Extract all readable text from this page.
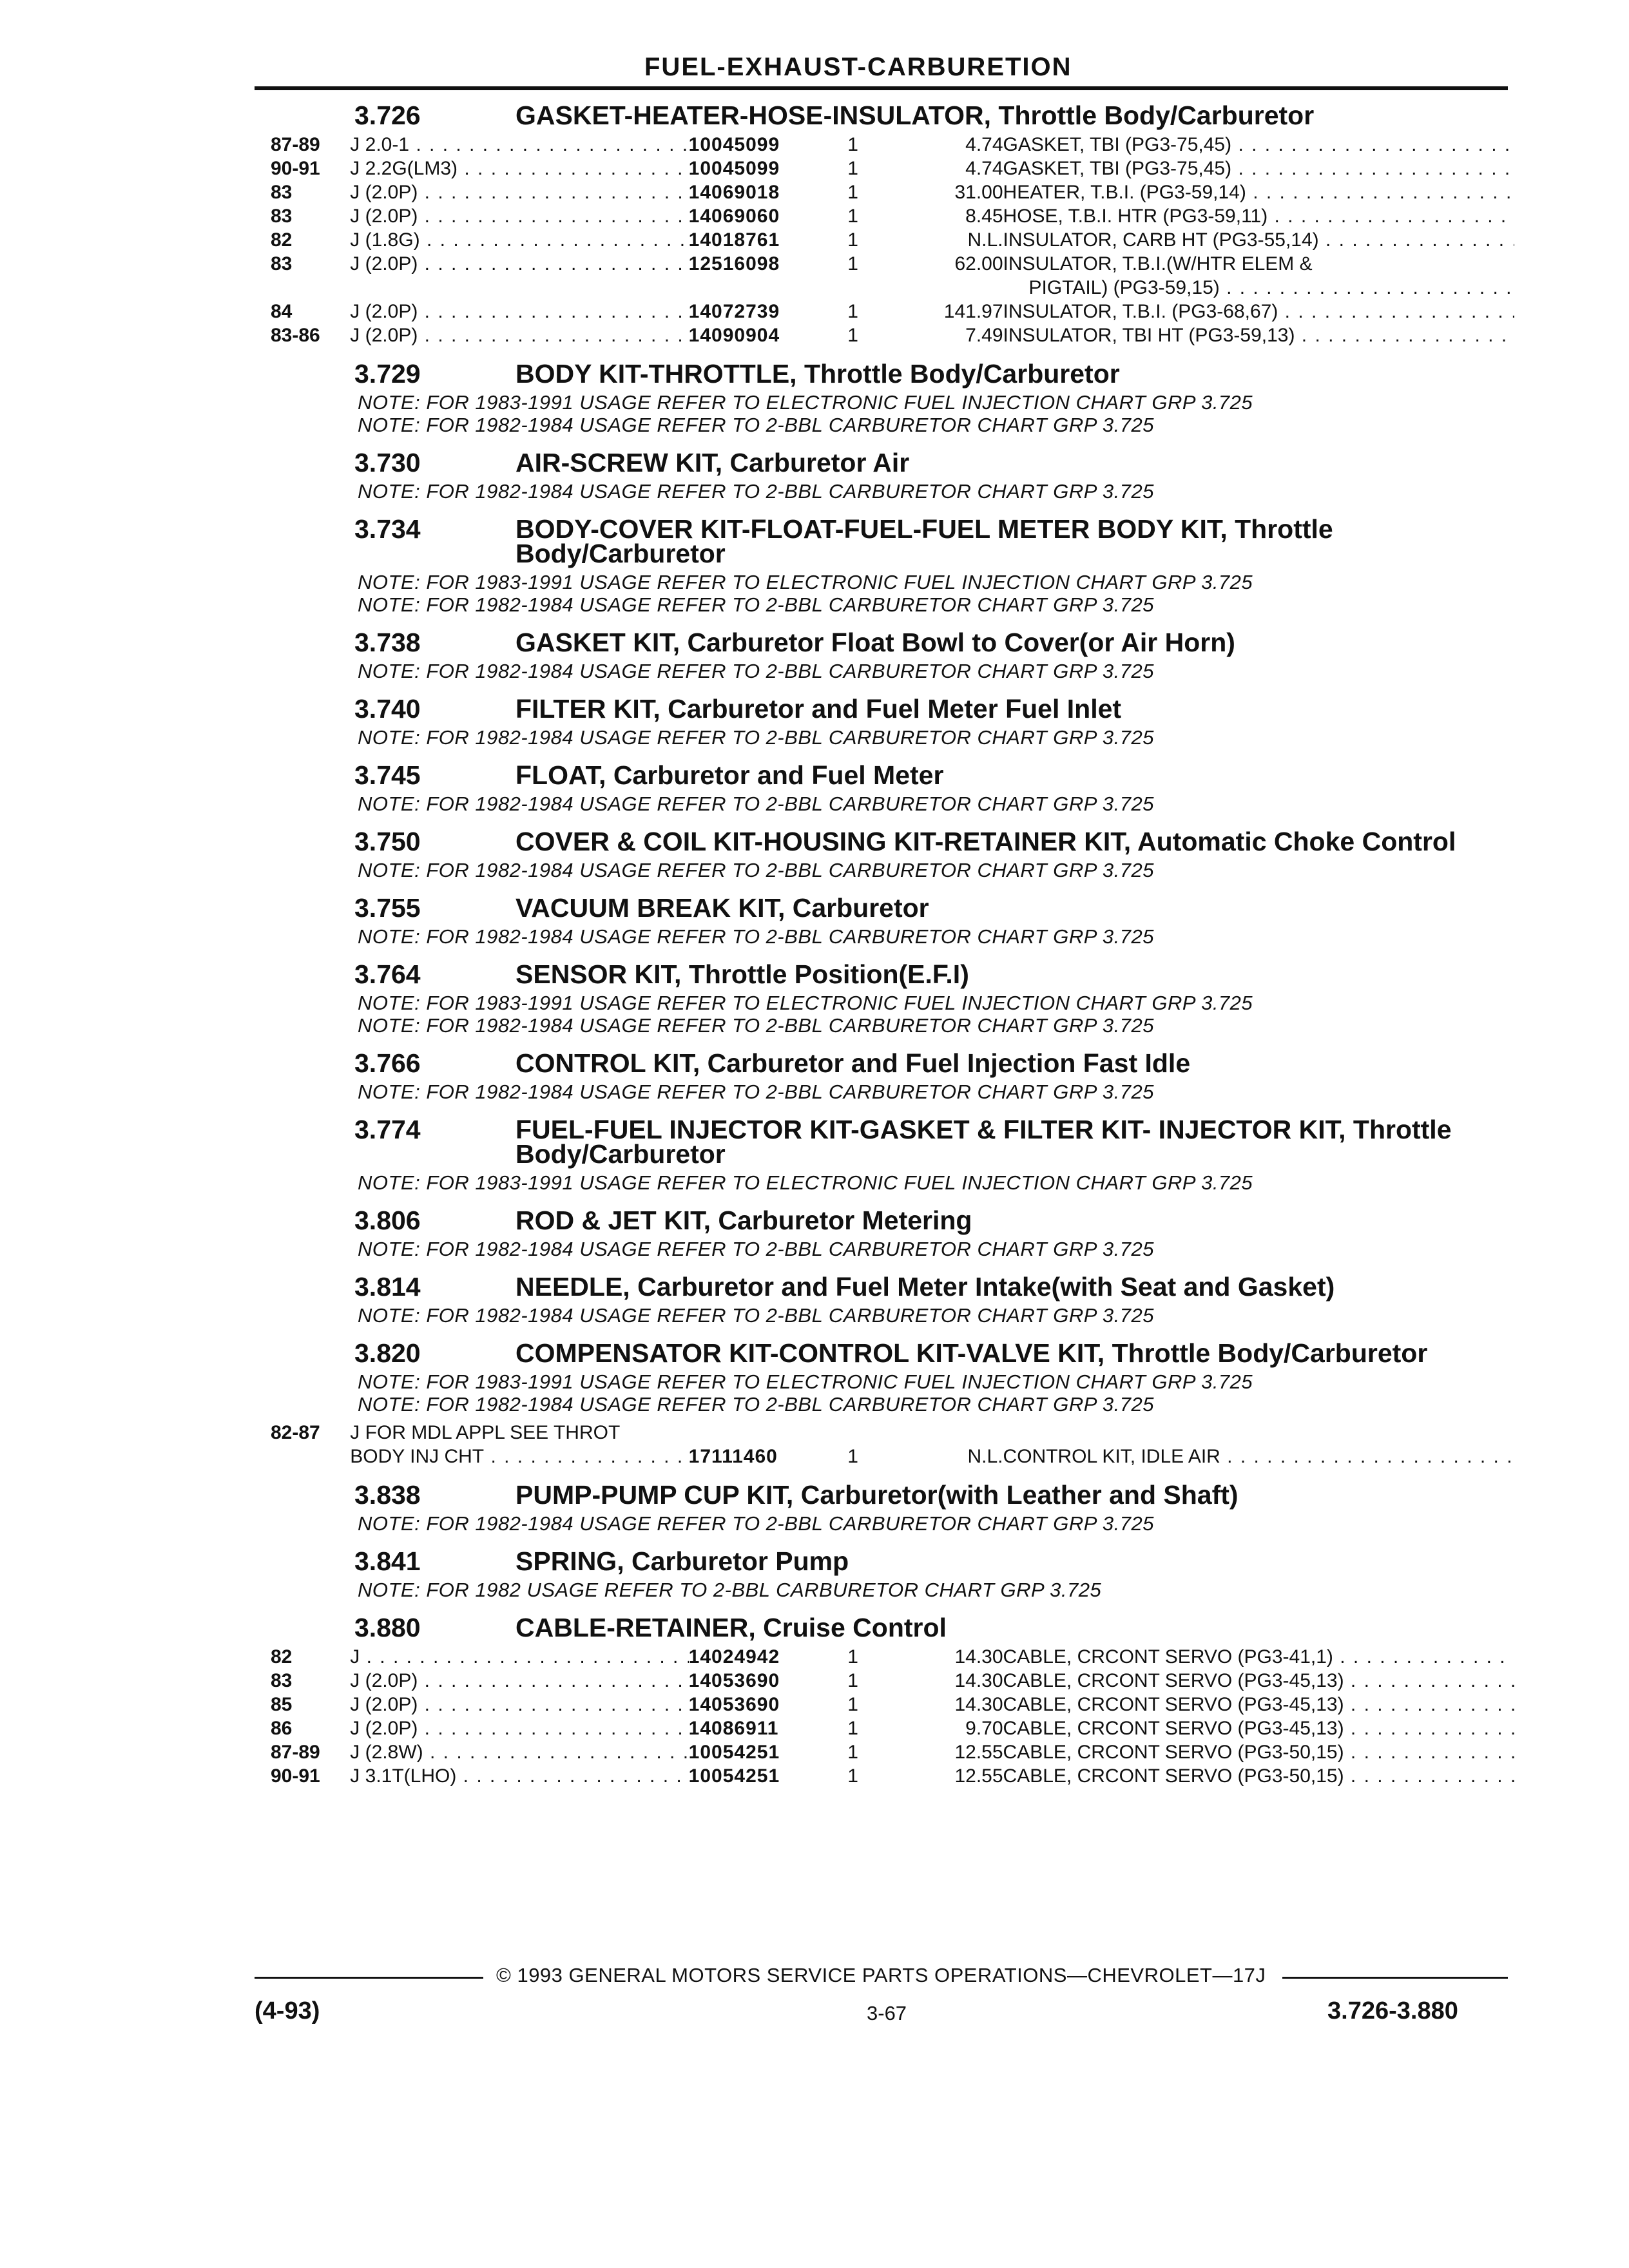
FUEL-EXHAUST-CARBURETION
3.726	GASKET-HEATER-HOSE-INSULATOR, Throttle Body/Carburetor
87-89	J 2.0-1 . . .	10045099	1	4.74	GASKET, TBI (PG3-75,45) . . .
90-91	J 2.2G(LM3) . . .	10045099	1	4.74	GASKET, TBI (PG3-75,45) . . .
83	J (2.0P) . . .	14069018	1	31.00	HEATER, T.B.I. (PG3-59,14) . . .
83	J (2.0P) . . .	14069060	1	8.45	HOSE, T.B.I. HTR (PG3-59,11) . . .
82	J (1.8G) . . .	14018761	1	N.L.	INSULATOR, CARB HT (PG3-55,14) . . .
83	J (2.0P) . . .	12516098	1	62.00	INSULATOR, T.B.I.(W/HTR ELEM &
PIGTAIL) (PG3-59,15) . . .

84	J (2.0P) . . .	14072739	1	141.97	INSULATOR, T.B.I. (PG3-68,67) . . .
83-86	J (2.0P) . . .	14090904	1	7.49	INSULATOR, TBI HT (PG3-59,13) . . .
3.729	BODY KIT-THROTTLE, Throttle Body/Carburetor
NOTE: FOR 1983-1991 USAGE REFER TO ELECTRONIC FUEL INJECTION CHART GRP 3.725
NOTE: FOR 1982-1984 USAGE REFER TO 2-BBL CARBURETOR CHART GRP 3.725
3.730	AIR-SCREW KIT, Carburetor Air
NOTE: FOR 1982-1984 USAGE REFER TO 2-BBL CARBURETOR CHART GRP 3.725
3.734	BODY-COVER KIT-FLOAT-FUEL-FUEL METER BODY KIT, Throttle Body/Carburetor
NOTE: FOR 1983-1991 USAGE REFER TO ELECTRONIC FUEL INJECTION CHART GRP 3.725
NOTE: FOR 1982-1984 USAGE REFER TO 2-BBL CARBURETOR CHART GRP 3.725
3.738	GASKET KIT, Carburetor Float Bowl to Cover(or Air Horn)
NOTE: FOR 1982-1984 USAGE REFER TO 2-BBL CARBURETOR CHART GRP 3.725
3.740	FILTER KIT, Carburetor and Fuel Meter Fuel Inlet
NOTE: FOR 1982-1984 USAGE REFER TO 2-BBL CARBURETOR CHART GRP 3.725
3.745	FLOAT, Carburetor and Fuel Meter
NOTE: FOR 1982-1984 USAGE REFER TO 2-BBL CARBURETOR CHART GRP 3.725
3.750	COVER & COIL KIT-HOUSING KIT-RETAINER KIT, Automatic Choke Control
NOTE: FOR 1982-1984 USAGE REFER TO 2-BBL CARBURETOR CHART GRP 3.725
3.755	VACUUM BREAK KIT, Carburetor
NOTE: FOR 1982-1984 USAGE REFER TO 2-BBL CARBURETOR CHART GRP 3.725
3.764	SENSOR KIT, Throttle Position(E.F.I)
NOTE: FOR 1983-1991 USAGE REFER TO ELECTRONIC FUEL INJECTION CHART GRP 3.725
NOTE: FOR 1982-1984 USAGE REFER TO 2-BBL CARBURETOR CHART GRP 3.725
3.766	CONTROL KIT, Carburetor and Fuel Injection Fast Idle
NOTE: FOR 1982-1984 USAGE REFER TO 2-BBL CARBURETOR CHART GRP 3.725
3.774	FUEL-FUEL INJECTOR KIT-GASKET & FILTER KIT- INJECTOR KIT, Throttle Body/Carburetor
NOTE: FOR 1983-1991 USAGE REFER TO ELECTRONIC FUEL INJECTION CHART GRP 3.725
3.806	ROD & JET KIT, Carburetor Metering
NOTE: FOR 1982-1984 USAGE REFER TO 2-BBL CARBURETOR CHART GRP 3.725
3.814	NEEDLE, Carburetor and Fuel Meter Intake(with Seat and Gasket)
NOTE: FOR 1982-1984 USAGE REFER TO 2-BBL CARBURETOR CHART GRP 3.725
3.820	COMPENSATOR KIT-CONTROL KIT-VALVE KIT, Throttle Body/Carburetor
NOTE: FOR 1983-1991 USAGE REFER TO ELECTRONIC FUEL INJECTION CHART GRP 3.725
NOTE: FOR 1982-1984 USAGE REFER TO 2-BBL CARBURETOR CHART GRP 3.725
82-87	J FOR MDL APPL SEE THROT				
	BODY INJ CHT . . .	17111460	1	N.L.	CONTROL KIT, IDLE AIR . . .
3.838	PUMP-PUMP CUP KIT, Carburetor(with Leather and Shaft)
NOTE: FOR 1982-1984 USAGE REFER TO 2-BBL CARBURETOR CHART GRP 3.725
3.841	SPRING, Carburetor Pump
NOTE: FOR 1982 USAGE REFER TO 2-BBL CARBURETOR CHART GRP 3.725
3.880	CABLE-RETAINER, Cruise Control
82	J . . .	14024942	1	14.30	CABLE, CRCONT SERVO (PG3-41,1) . . .
83	J (2.0P) . . .	14053690	1	14.30	CABLE, CRCONT SERVO (PG3-45,13) . . .
85	J (2.0P) . . .	14053690	1	14.30	CABLE, CRCONT SERVO (PG3-45,13) . . .
86	J (2.0P) . . .	14086911	1	9.70	CABLE, CRCONT SERVO (PG3-45,13) . . .
87-89	J (2.8W) . . .	10054251	1	12.55	CABLE, CRCONT SERVO (PG3-50,15) . . .
90-91	J 3.1T(LHO) . . .	10054251	1	12.55	CABLE, CRCONT SERVO (PG3-50,15) . . .
© 1993 GENERAL MOTORS SERVICE PARTS OPERATIONS—CHEVROLET—17J
(4-93)	3-67	3.726-3.880
